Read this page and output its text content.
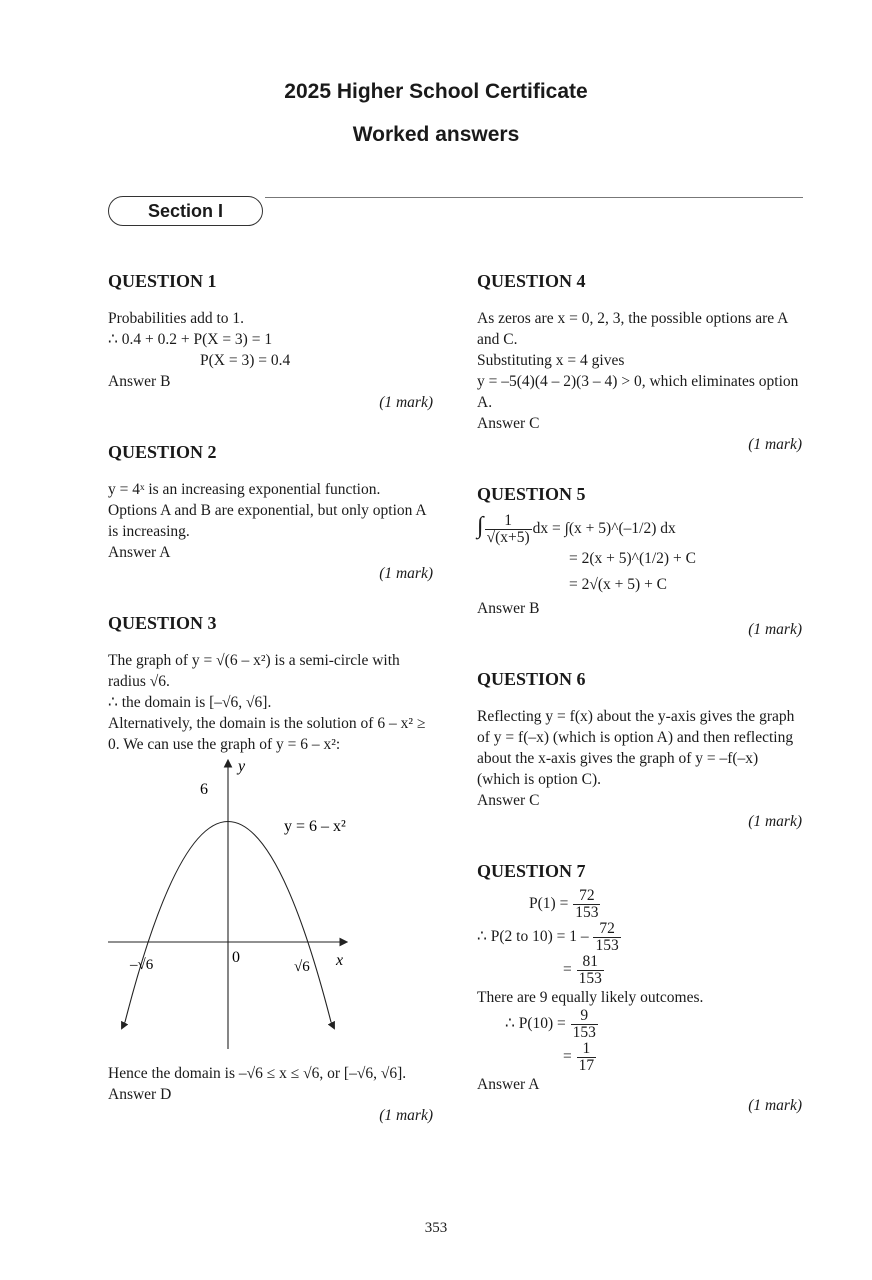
2025 Higher School Certificate
Worked answers
Section I

QUESTION 1

Probabilities add to 1.

∴ 0.4 + 0.2 + P(X = 3) = 1

P(X = 3) = 0.4

Answer B

(1 mark)

QUESTION 2

y = 4ˣ is an increasing exponential function.

Options A and B are exponential, but only option A is increasing.

Answer A

(1 mark)

QUESTION 3

The graph of y = √(6 – x²) is a semi-circle with radius √6.

∴ the domain is [–√6, √6].

Alternatively, the domain is the solution of 6 – x² ≥ 0. We can use the graph of y = 6 – x²:

y
x
0
6
–√6	√6
y = 6 – x²

Hence the domain is –√6 ≤ x ≤ √6, or [–√6, √6].

Answer D

(1 mark)

QUESTION 4

As zeros are x = 0, 2, 3, the possible options are A and C.

Substituting x = 4 gives

y = –5(4)(4 – 2)(3 – 4) > 0, which eliminates option A.

Answer C

(1 mark)

QUESTION 5

∫ $\frac{1}{√(x+5)}$ dx = ∫(x + 5)^(–1/2) dx

= 2(x + 5)^(1/2) + C

= 2√(x + 5) + C

Answer B

(1 mark)

QUESTION 6

Reflecting y = f(x) about the y-axis gives the graph of y = f(–x) (which is option A) and then reflecting about the x-axis gives the graph of y = –f(–x) (which is option C).

Answer C

(1 mark)

QUESTION 7

$P(1) = \frac{72}{153}$

∴ P(2 to $10) = 1 - \frac{72}{153}$

= $\frac{81}{153}$

There are 9 equally likely outcomes.

∴ $P(10) = \frac{9}{153}$

= $\frac{1}{17}$

Answer A

(1 mark)

353
